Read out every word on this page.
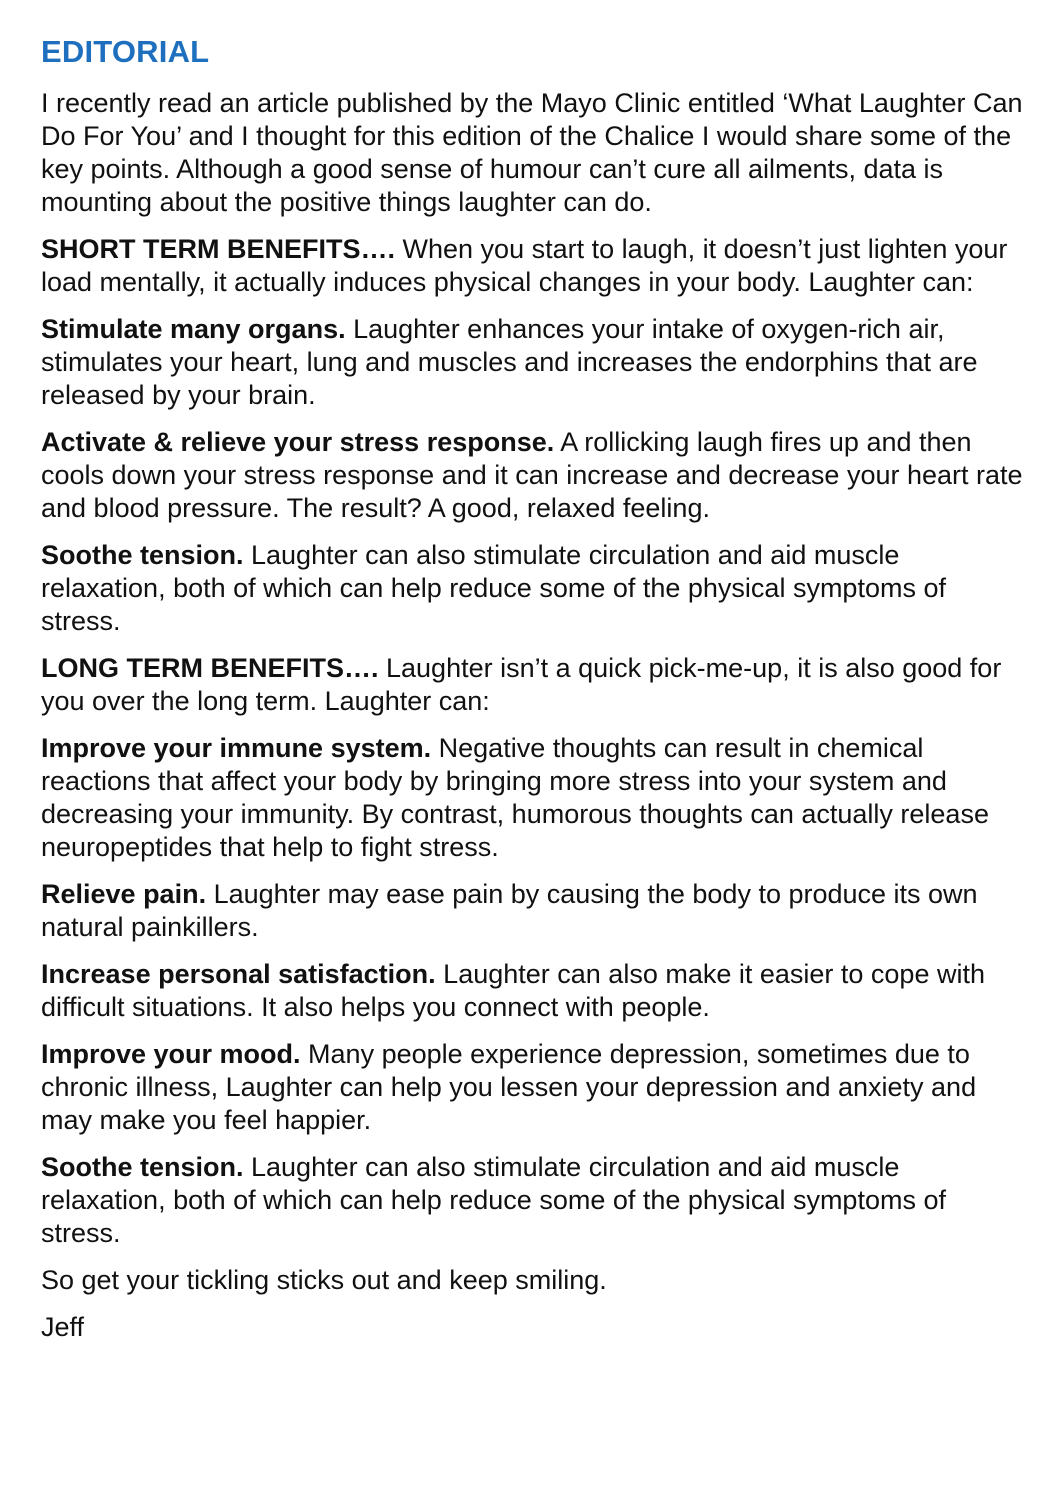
EDITORIAL

I recently read an article published by the Mayo Clinic entitled ‘What Laughter Can Do For You’ and I thought for this edition of the Chalice I would share some of the key points. Although a good sense of humour can’t cure all ailments, data is mounting about the positive things laughter can do.

SHORT TERM BENEFITS…. When you start to laugh, it doesn’t just lighten your load mentally, it actually induces physical changes in your body. Laughter can:

Stimulate many organs. Laughter enhances your intake of oxygen-rich air, stimulates your heart, lung and muscles and increases the endorphins that are released by your brain.

Activate & relieve your stress response. A rollicking laugh fires up and then cools down your stress response and it can increase and decrease your heart rate and blood pressure. The result? A good, relaxed feeling.

Soothe tension. Laughter can also stimulate circulation and aid muscle relaxation, both of which can help reduce some of the physical symptoms of stress.

LONG TERM BENEFITS…. Laughter isn’t a quick pick-me-up, it is also good for you over the long term. Laughter can:

Improve your immune system. Negative thoughts can result in chemical reactions that affect your body by bringing more stress into your system and decreasing your immunity. By contrast, humorous thoughts can actually release neuropeptides that help to fight stress.

Relieve pain. Laughter may ease pain by causing the body to produce its own natural painkillers.

Increase personal satisfaction. Laughter can also make it easier to cope with difficult situations. It also helps you connect with people.

Improve your mood. Many people experience depression, sometimes due to chronic illness, Laughter can help you lessen your depression and anxiety and may make you feel happier.

Soothe tension. Laughter can also stimulate circulation and aid muscle relaxation, both of which can help reduce some of the physical symptoms of stress.

So get your tickling sticks out and keep smiling.

Jeff
